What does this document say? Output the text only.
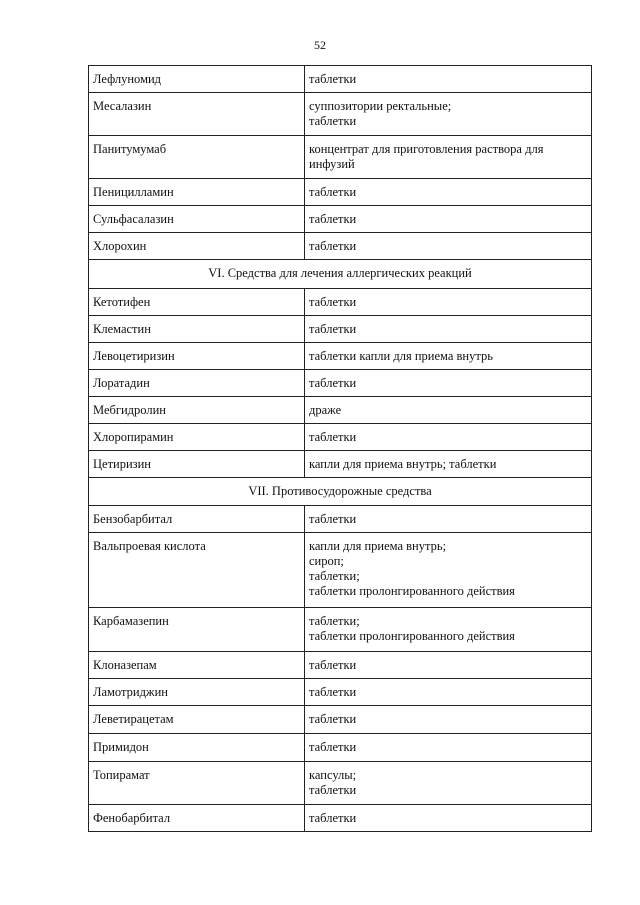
52
Лефлуномид	таблетки
Месалазин	суппозитории ректальные;
таблетки
Панитумумаб	концентрат для приготовления раствора для
инфузий
Пеницилламин	таблетки
Сульфасалазин	таблетки
Хлорохин	таблетки
VI. Средства для лечения аллергических реакций	
Кетотифен	таблетки
Клемастин	таблетки
Левоцетиризин	таблетки капли для приема внутрь
Лоратадин	таблетки
Мебгидролин	драже
Хлоропирамин	таблетки
Цетиризин	капли для приема внутрь; таблетки
VII. Противосудорожные средства	
Бензобарбитал	таблетки
Вальпроевая кислота	капли для приема внутрь;
сироп;
таблетки;
таблетки пролонгированного действия
Карбамазепин	таблетки;
таблетки пролонгированного действия
Клоназепам	таблетки
Ламотриджин	таблетки
Леветирацетам	таблетки
Примидон	таблетки
Топирамат	капсулы;
таблетки
Фенобарбитал	таблетки
